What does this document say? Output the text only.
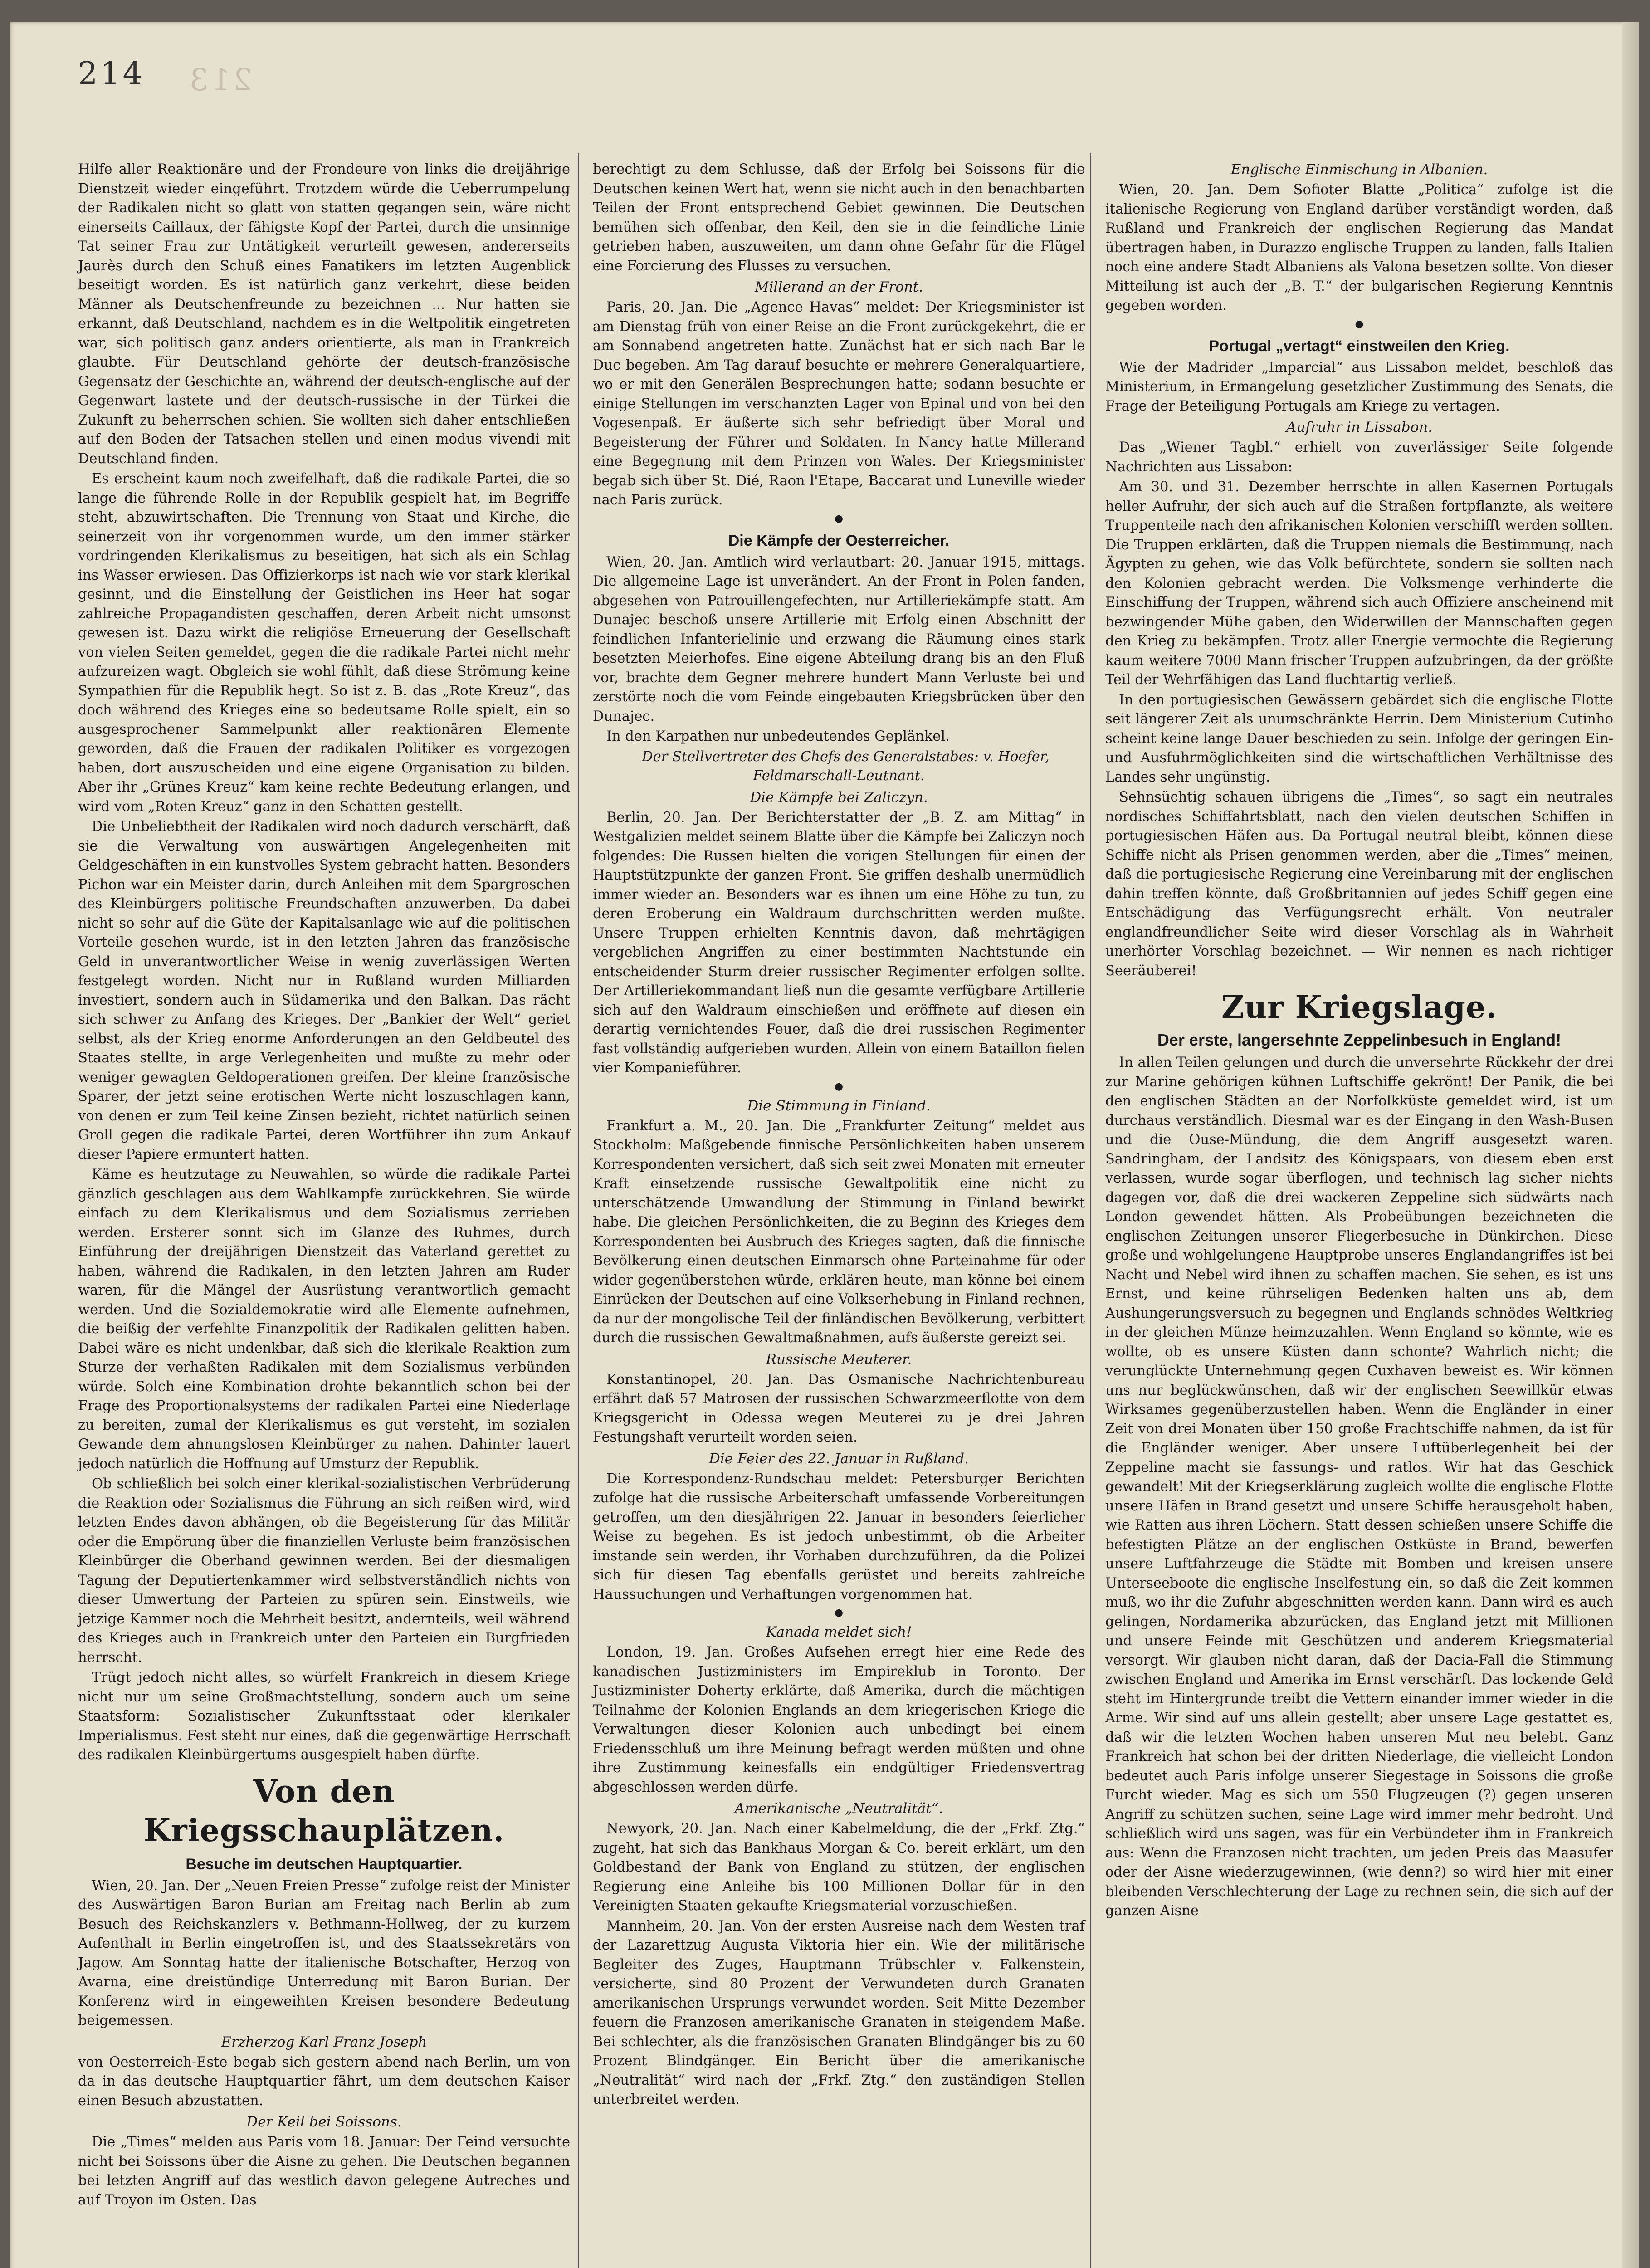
214 213

Hilfe aller Reaktionäre und der Frondeure von links die dreijährige Dienstzeit wieder eingeführt. Trotzdem würde die Ueberrumpelung der Radikalen nicht so glatt von statten gegangen sein, wäre nicht einerseits Caillaux, der fähigste Kopf der Partei, durch die unsinnige Tat seiner Frau zur Untätigkeit verurteilt gewesen, andererseits Jaurès durch den Schuß eines Fanatikers im letzten Augenblick beseitigt worden. Es ist natürlich ganz verkehrt, diese beiden Männer als Deutschenfreunde zu bezeichnen ... Nur hatten sie erkannt, daß Deutschland, nachdem es in die Weltpolitik eingetreten war, sich politisch ganz anders orientierte, als man in Frankreich glaubte. Für Deutschland gehörte der deutsch-französische Gegensatz der Geschichte an, während der deutsch-englische auf der Gegenwart lastete und der deutsch-russische in der Türkei die Zukunft zu beherrschen schien. Sie wollten sich daher entschließen auf den Boden der Tatsachen stellen und einen modus vivendi mit Deutschland finden.

Es erscheint kaum noch zweifelhaft, daß die radikale Partei, die so lange die führende Rolle in der Republik gespielt hat, im Begriffe steht, abzuwirtschaften. Die Trennung von Staat und Kirche, die seinerzeit von ihr vorgenommen wurde, um den immer stärker vordringenden Klerikalismus zu beseitigen, hat sich als ein Schlag ins Wasser erwiesen. Das Offizierkorps ist nach wie vor stark klerikal gesinnt, und die Einstellung der Geistlichen ins Heer hat sogar zahlreiche Propagandisten geschaffen, deren Arbeit nicht umsonst gewesen ist. Dazu wirkt die religiöse Erneuerung der Gesellschaft von vielen Seiten gemeldet, gegen die die radikale Partei nicht mehr aufzureizen wagt. Obgleich sie wohl fühlt, daß diese Strömung keine Sympathien für die Republik hegt. So ist z. B. das „Rote Kreuz“, das doch während des Krieges eine so bedeutsame Rolle spielt, ein so ausgesprochener Sammelpunkt aller reaktionären Elemente geworden, daß die Frauen der radikalen Politiker es vorgezogen haben, dort auszuscheiden und eine eigene Organisation zu bilden. Aber ihr „Grünes Kreuz“ kam keine rechte Bedeutung erlangen, und wird vom „Roten Kreuz“ ganz in den Schatten gestellt.

Die Unbeliebtheit der Radikalen wird noch dadurch verschärft, daß sie die Verwaltung von auswärtigen Angelegenheiten mit Geldgeschäften in ein kunstvolles System gebracht hatten. Besonders Pichon war ein Meister darin, durch Anleihen mit dem Spargroschen des Kleinbürgers politische Freundschaften anzuwerben. Da dabei nicht so sehr auf die Güte der Kapitalsanlage wie auf die politischen Vorteile gesehen wurde, ist in den letzten Jahren das französische Geld in unverantwortlicher Weise in wenig zuverlässigen Werten festgelegt worden. Nicht nur in Rußland wurden Milliarden investiert, sondern auch in Südamerika und den Balkan. Das rächt sich schwer zu Anfang des Krieges. Der „Bankier der Welt“ geriet selbst, als der Krieg enorme Anforderungen an den Geldbeutel des Staates stellte, in arge Verlegenheiten und mußte zu mehr oder weniger gewagten Geldoperationen greifen. Der kleine französische Sparer, der jetzt seine erotischen Werte nicht loszuschlagen kann, von denen er zum Teil keine Zinsen bezieht, richtet natürlich seinen Groll gegen die radikale Partei, deren Wortführer ihn zum Ankauf dieser Papiere ermuntert hatten.

Käme es heutzutage zu Neuwahlen, so würde die radikale Partei gänzlich geschlagen aus dem Wahlkampfe zurückkehren. Sie würde einfach zu dem Klerikalismus und dem Sozialismus zerrieben werden. Ersterer sonnt sich im Glanze des Ruhmes, durch Einführung der dreijährigen Dienstzeit das Vaterland gerettet zu haben, während die Radikalen, in den letzten Jahren am Ruder waren, für die Mängel der Ausrüstung verantwortlich gemacht werden. Und die Sozialdemokratie wird alle Elemente aufnehmen, die beißig der verfehlte Finanzpolitik der Radikalen gelitten haben. Dabei wäre es nicht undenkbar, daß sich die klerikale Reaktion zum Sturze der verhaßten Radikalen mit dem Sozialismus verbünden würde. Solch eine Kombination drohte bekanntlich schon bei der Frage des Proportionalsystems der radikalen Partei eine Niederlage zu bereiten, zumal der Klerikalismus es gut versteht, im sozialen Gewande dem ahnungslosen Kleinbürger zu nahen. Dahinter lauert jedoch natürlich die Hoffnung auf Umsturz der Republik.

Ob schließlich bei solch einer klerikal-sozialistischen Verbrüderung die Reaktion oder Sozialismus die Führung an sich reißen wird, wird letzten Endes davon abhängen, ob die Begeisterung für das Militär oder die Empörung über die finanziellen Verluste beim französischen Kleinbürger die Oberhand gewinnen werden. Bei der diesmaligen Tagung der Deputiertenkammer wird selbstverständlich nichts von dieser Umwertung der Parteien zu spüren sein. Einstweils, wie jetzige Kammer noch die Mehrheit besitzt, andernteils, weil während des Krieges auch in Frankreich unter den Parteien ein Burgfrieden herrscht.

Trügt jedoch nicht alles, so würfelt Frankreich in diesem Kriege nicht nur um seine Großmachtstellung, sondern auch um seine Staatsform: Sozialistischer Zukunftsstaat oder klerikaler Imperialismus. Fest steht nur eines, daß die gegenwärtige Herrschaft des radikalen Kleinbürgertums ausgespielt haben dürfte.

Von den Kriegsschauplätzen.
Besuche im deutschen Hauptquartier.

Wien, 20. Jan. Der „Neuen Freien Presse“ zufolge reist der Minister des Auswärtigen Baron Burian am Freitag nach Berlin ab zum Besuch des Reichskanzlers v. Bethmann-Hollweg, der zu kurzem Aufenthalt in Berlin eingetroffen ist, und des Staatssekretärs von Jagow. Am Sonntag hatte der italienische Botschafter, Herzog von Avarna, eine dreistündige Unterredung mit Baron Burian. Der Konferenz wird in eingeweihten Kreisen besondere Bedeutung beigemessen.

Erzherzog Karl Franz Joseph

von Oesterreich-Este begab sich gestern abend nach Berlin, um von da in das deutsche Hauptquartier fährt, um dem deutschen Kaiser einen Besuch abzustatten.

Der Keil bei Soissons.

Die „Times“ melden aus Paris vom 18. Januar: Der Feind versuchte nicht bei Soissons über die Aisne zu gehen. Die Deutschen begannen bei letzten Angriff auf das westlich davon gelegene Autreches und auf Troyon im Osten. Das

berechtigt zu dem Schlusse, daß der Erfolg bei Soissons für die Deutschen keinen Wert hat, wenn sie nicht auch in den benachbarten Teilen der Front entsprechend Gebiet gewinnen. Die Deutschen bemühen sich offenbar, den Keil, den sie in die feindliche Linie getrieben haben, auszuweiten, um dann ohne Gefahr für die Flügel eine Forcierung des Flusses zu versuchen.

Millerand an der Front.

Paris, 20. Jan. Die „Agence Havas“ meldet: Der Kriegsminister ist am Dienstag früh von einer Reise an die Front zurückgekehrt, die er am Sonnabend angetreten hatte. Zunächst hat er sich nach Bar le Duc begeben. Am Tag darauf besuchte er mehrere Generalquartiere, wo er mit den Generälen Besprechungen hatte; sodann besuchte er einige Stellungen im verschanzten Lager von Epinal und von bei den Vogesenpaß. Er äußerte sich sehr befriedigt über Moral und Begeisterung der Führer und Soldaten. In Nancy hatte Millerand eine Begegnung mit dem Prinzen von Wales. Der Kriegsminister begab sich über St. Dié, Raon l'Etape, Baccarat und Luneville wieder nach Paris zurück.

●
Die Kämpfe der Oesterreicher.

Wien, 20. Jan. Amtlich wird verlautbart: 20. Januar 1915, mittags. Die allgemeine Lage ist unverändert. An der Front in Polen fanden, abgesehen von Patrouillengefechten, nur Artilleriekämpfe statt. Am Dunajec beschoß unsere Artillerie mit Erfolg einen Abschnitt der feindlichen Infanterielinie und erzwang die Räumung eines stark besetzten Meierhofes. Eine eigene Abteilung drang bis an den Fluß vor, brachte dem Gegner mehrere hundert Mann Verluste bei und zerstörte noch die vom Feinde eingebauten Kriegsbrücken über den Dunajec.

In den Karpathen nur unbedeutendes Geplänkel.

Der Stellvertreter des Chefs des Generalstabes: v. Hoefer, Feldmarschall-Leutnant.

Die Kämpfe bei Zaliczyn.

Berlin, 20. Jan. Der Berichterstatter der „B. Z. am Mittag“ in Westgalizien meldet seinem Blatte über die Kämpfe bei Zaliczyn noch folgendes: Die Russen hielten die vorigen Stellungen für einen der Hauptstützpunkte der ganzen Front. Sie griffen deshalb unermüdlich immer wieder an. Besonders war es ihnen um eine Höhe zu tun, zu deren Eroberung ein Waldraum durchschritten werden mußte. Unsere Truppen erhielten Kenntnis davon, daß mehrtägigen vergeblichen Angriffen zu einer bestimmten Nachtstunde ein entscheidender Sturm dreier russischer Regimenter erfolgen sollte. Der Artilleriekommandant ließ nun die gesamte verfügbare Artillerie sich auf den Waldraum einschießen und eröffnete auf diesen ein derartig vernichtendes Feuer, daß die drei russischen Regimenter fast vollständig aufgerieben wurden. Allein von einem Bataillon fielen vier Kompanieführer.

●
Die Stimmung in Finland.

Frankfurt a. M., 20. Jan. Die „Frankfurter Zeitung“ meldet aus Stockholm: Maßgebende finnische Persönlichkeiten haben unserem Korrespondenten versichert, daß sich seit zwei Monaten mit erneuter Kraft einsetzende russische Gewaltpolitik eine nicht zu unterschätzende Umwandlung der Stimmung in Finland bewirkt habe. Die gleichen Persönlichkeiten, die zu Beginn des Krieges dem Korrespondenten bei Ausbruch des Krieges sagten, daß die finnische Bevölkerung einen deutschen Einmarsch ohne Parteinahme für oder wider gegenüberstehen würde, erklären heute, man könne bei einem Einrücken der Deutschen auf eine Volkserhebung in Finland rechnen, da nur der mongolische Teil der finländischen Bevölkerung, verbittert durch die russischen Gewaltmaßnahmen, aufs äußerste gereizt sei.

Russische Meuterer.

Konstantinopel, 20. Jan. Das Osmanische Nachrichtenbureau erfährt daß 57 Matrosen der russischen Schwarzmeerflotte von dem Kriegsgericht in Odessa wegen Meuterei zu je drei Jahren Festungshaft verurteilt worden seien.

Die Feier des 22. Januar in Rußland.

Die Korrespondenz-Rundschau meldet: Petersburger Berichten zufolge hat die russische Arbeiterschaft umfassende Vorbereitungen getroffen, um den diesjährigen 22. Januar in besonders feierlicher Weise zu begehen. Es ist jedoch unbestimmt, ob die Arbeiter imstande sein werden, ihr Vorhaben durchzuführen, da die Polizei sich für diesen Tag ebenfalls gerüstet und bereits zahlreiche Haussuchungen und Verhaftungen vorgenommen hat.

●
Kanada meldet sich!

London, 19. Jan. Großes Aufsehen erregt hier eine Rede des kanadischen Justizministers im Empireklub in Toronto. Der Justizminister Doherty erklärte, daß Amerika, durch die mächtigen Teilnahme der Kolonien Englands an dem kriegerischen Kriege die Verwaltungen dieser Kolonien auch unbedingt bei einem Friedensschluß um ihre Meinung befragt werden müßten und ohne ihre Zustimmung keinesfalls ein endgültiger Friedensvertrag abgeschlossen werden dürfe.

Amerikanische „Neutralität“.

Newyork, 20. Jan. Nach einer Kabelmeldung, die der „Frkf. Ztg.“ zugeht, hat sich das Bankhaus Morgan & Co. bereit erklärt, um den Goldbestand der Bank von England zu stützen, der englischen Regierung eine Anleihe bis 100 Millionen Dollar für in den Vereinigten Staaten gekaufte Kriegsmaterial vorzuschießen.

Mannheim, 20. Jan. Von der ersten Ausreise nach dem Westen traf der Lazarettzug Augusta Viktoria hier ein. Wie der militärische Begleiter des Zuges, Hauptmann Trübschler v. Falkenstein, versicherte, sind 80 Prozent der Verwundeten durch Granaten amerikanischen Ursprungs verwundet worden. Seit Mitte Dezember feuern die Franzosen amerikanische Granaten in steigendem Maße. Bei schlechter, als die französischen Granaten Blindgänger bis zu 60 Prozent Blindgänger. Ein Bericht über die amerikanische „Neutralität“ wird nach der „Frkf. Ztg.“ den zuständigen Stellen unterbreitet werden.

Englische Einmischung in Albanien.

Wien, 20. Jan. Dem Sofioter Blatte „Politica“ zufolge ist die italienische Regierung von England darüber verständigt worden, daß Rußland und Frankreich der englischen Regierung das Mandat übertragen haben, in Durazzo englische Truppen zu landen, falls Italien noch eine andere Stadt Albaniens als Valona besetzen sollte. Von dieser Mitteilung ist auch der „B. T.“ der bulgarischen Regierung Kenntnis gegeben worden.

●
Portugal „vertagt“ einstweilen den Krieg.

Wie der Madrider „Imparcial“ aus Lissabon meldet, beschloß das Ministerium, in Ermangelung gesetzlicher Zustimmung des Senats, die Frage der Beteiligung Portugals am Kriege zu vertagen.

Aufruhr in Lissabon.

Das „Wiener Tagbl.“ erhielt von zuverlässiger Seite folgende Nachrichten aus Lissabon:

Am 30. und 31. Dezember herrschte in allen Kasernen Portugals heller Aufruhr, der sich auch auf die Straßen fortpflanzte, als weitere Truppenteile nach den afrikanischen Kolonien verschifft werden sollten. Die Truppen erklärten, daß die Truppen niemals die Bestimmung, nach Ägypten zu gehen, wie das Volk befürchtete, sondern sie sollten nach den Kolonien gebracht werden. Die Volksmenge verhinderte die Einschiffung der Truppen, während sich auch Offiziere anscheinend mit bezwingender Mühe gaben, den Widerwillen der Mannschaften gegen den Krieg zu bekämpfen. Trotz aller Energie vermochte die Regierung kaum weitere 7000 Mann frischer Truppen aufzubringen, da der größte Teil der Wehrfähigen das Land fluchtartig verließ.

In den portugiesischen Gewässern gebärdet sich die englische Flotte seit längerer Zeit als unumschränkte Herrin. Dem Ministerium Cutinho scheint keine lange Dauer beschieden zu sein. Infolge der geringen Ein- und Ausfuhrmöglichkeiten sind die wirtschaftlichen Verhältnisse des Landes sehr ungünstig.

Sehnsüchtig schauen übrigens die „Times“, so sagt ein neutrales nordisches Schiffahrtsblatt, nach den vielen deutschen Schiffen in portugiesischen Häfen aus. Da Portugal neutral bleibt, können diese Schiffe nicht als Prisen genommen werden, aber die „Times“ meinen, daß die portugiesische Regierung eine Vereinbarung mit der englischen dahin treffen könnte, daß Großbritannien auf jedes Schiff gegen eine Entschädigung das Verfügungsrecht erhält. Von neutraler englandfreundlicher Seite wird dieser Vorschlag als in Wahrheit unerhörter Vorschlag bezeichnet. — Wir nennen es nach richtiger Seeräuberei!

Zur Kriegslage.
Der erste, langersehnte Zeppelinbesuch in England!

In allen Teilen gelungen und durch die unversehrte Rückkehr der drei zur Marine gehörigen kühnen Luftschiffe gekrönt! Der Panik, die bei den englischen Städten an der Norfolkküste gemeldet wird, ist um durchaus verständlich. Diesmal war es der Eingang in den Wash-Busen und die Ouse-Mündung, die dem Angriff ausgesetzt waren. Sandringham, der Landsitz des Königspaars, von diesem eben erst verlassen, wurde sogar überflogen, und technisch lag sicher nichts dagegen vor, daß die drei wackeren Zeppeline sich südwärts nach London gewendet hätten. Als Probeübungen bezeichneten die englischen Zeitungen unserer Fliegerbesuche in Dünkirchen. Diese große und wohlgelungene Hauptprobe unseres Englandangriffes ist bei Nacht und Nebel wird ihnen zu schaffen machen. Sie sehen, es ist uns Ernst, und keine rührseligen Bedenken halten uns ab, dem Aushungerungsversuch zu begegnen und Englands schnödes Weltkrieg in der gleichen Münze heimzuzahlen. Wenn England so könnte, wie es wollte, ob es unsere Küsten dann schonte? Wahrlich nicht; die verunglückte Unternehmung gegen Cuxhaven beweist es. Wir können uns nur beglückwünschen, daß wir der englischen Seewillkür etwas Wirksames gegenüberzustellen haben. Wenn die Engländer in einer Zeit von drei Monaten über 150 große Frachtschiffe nahmen, da ist für die Engländer weniger. Aber unsere Luftüberlegenheit bei der Zeppeline macht sie fassungs- und ratlos. Wir hat das Geschick gewandelt! Mit der Kriegserklärung zugleich wollte die englische Flotte unsere Häfen in Brand gesetzt und unsere Schiffe herausgeholt haben, wie Ratten aus ihren Löchern. Statt dessen schießen unsere Schiffe die befestigten Plätze an der englischen Ostküste in Brand, bewerfen unsere Luftfahrzeuge die Städte mit Bomben und kreisen unsere Unterseeboote die englische Inselfestung ein, so daß die Zeit kommen muß, wo ihr die Zufuhr abgeschnitten werden kann. Dann wird es auch gelingen, Nordamerika abzurücken, das England jetzt mit Millionen und unsere Feinde mit Geschützen und anderem Kriegsmaterial versorgt. Wir glauben nicht daran, daß der Dacia-Fall die Stimmung zwischen England und Amerika im Ernst verschärft. Das lockende Geld steht im Hintergrunde treibt die Vettern einander immer wieder in die Arme. Wir sind auf uns allein gestellt; aber unsere Lage gestattet es, daß wir die letzten Wochen haben unseren Mut neu belebt. Ganz Frankreich hat schon bei der dritten Niederlage, die vielleicht London bedeutet auch Paris infolge unserer Siegestage in Soissons die große Furcht wieder. Mag es sich um 550 Flugzeugen (?) gegen unseren Angriff zu schützen suchen, seine Lage wird immer mehr bedroht. Und schließlich wird uns sagen, was für ein Verbündeter ihm in Frankreich aus: Wenn die Franzosen nicht trachten, um jeden Preis das Maasufer oder der Aisne wiederzugewinnen, (wie denn?) so wird hier mit einer bleibenden Verschlechterung der Lage zu rechnen sein, die sich auf der ganzen Aisne
